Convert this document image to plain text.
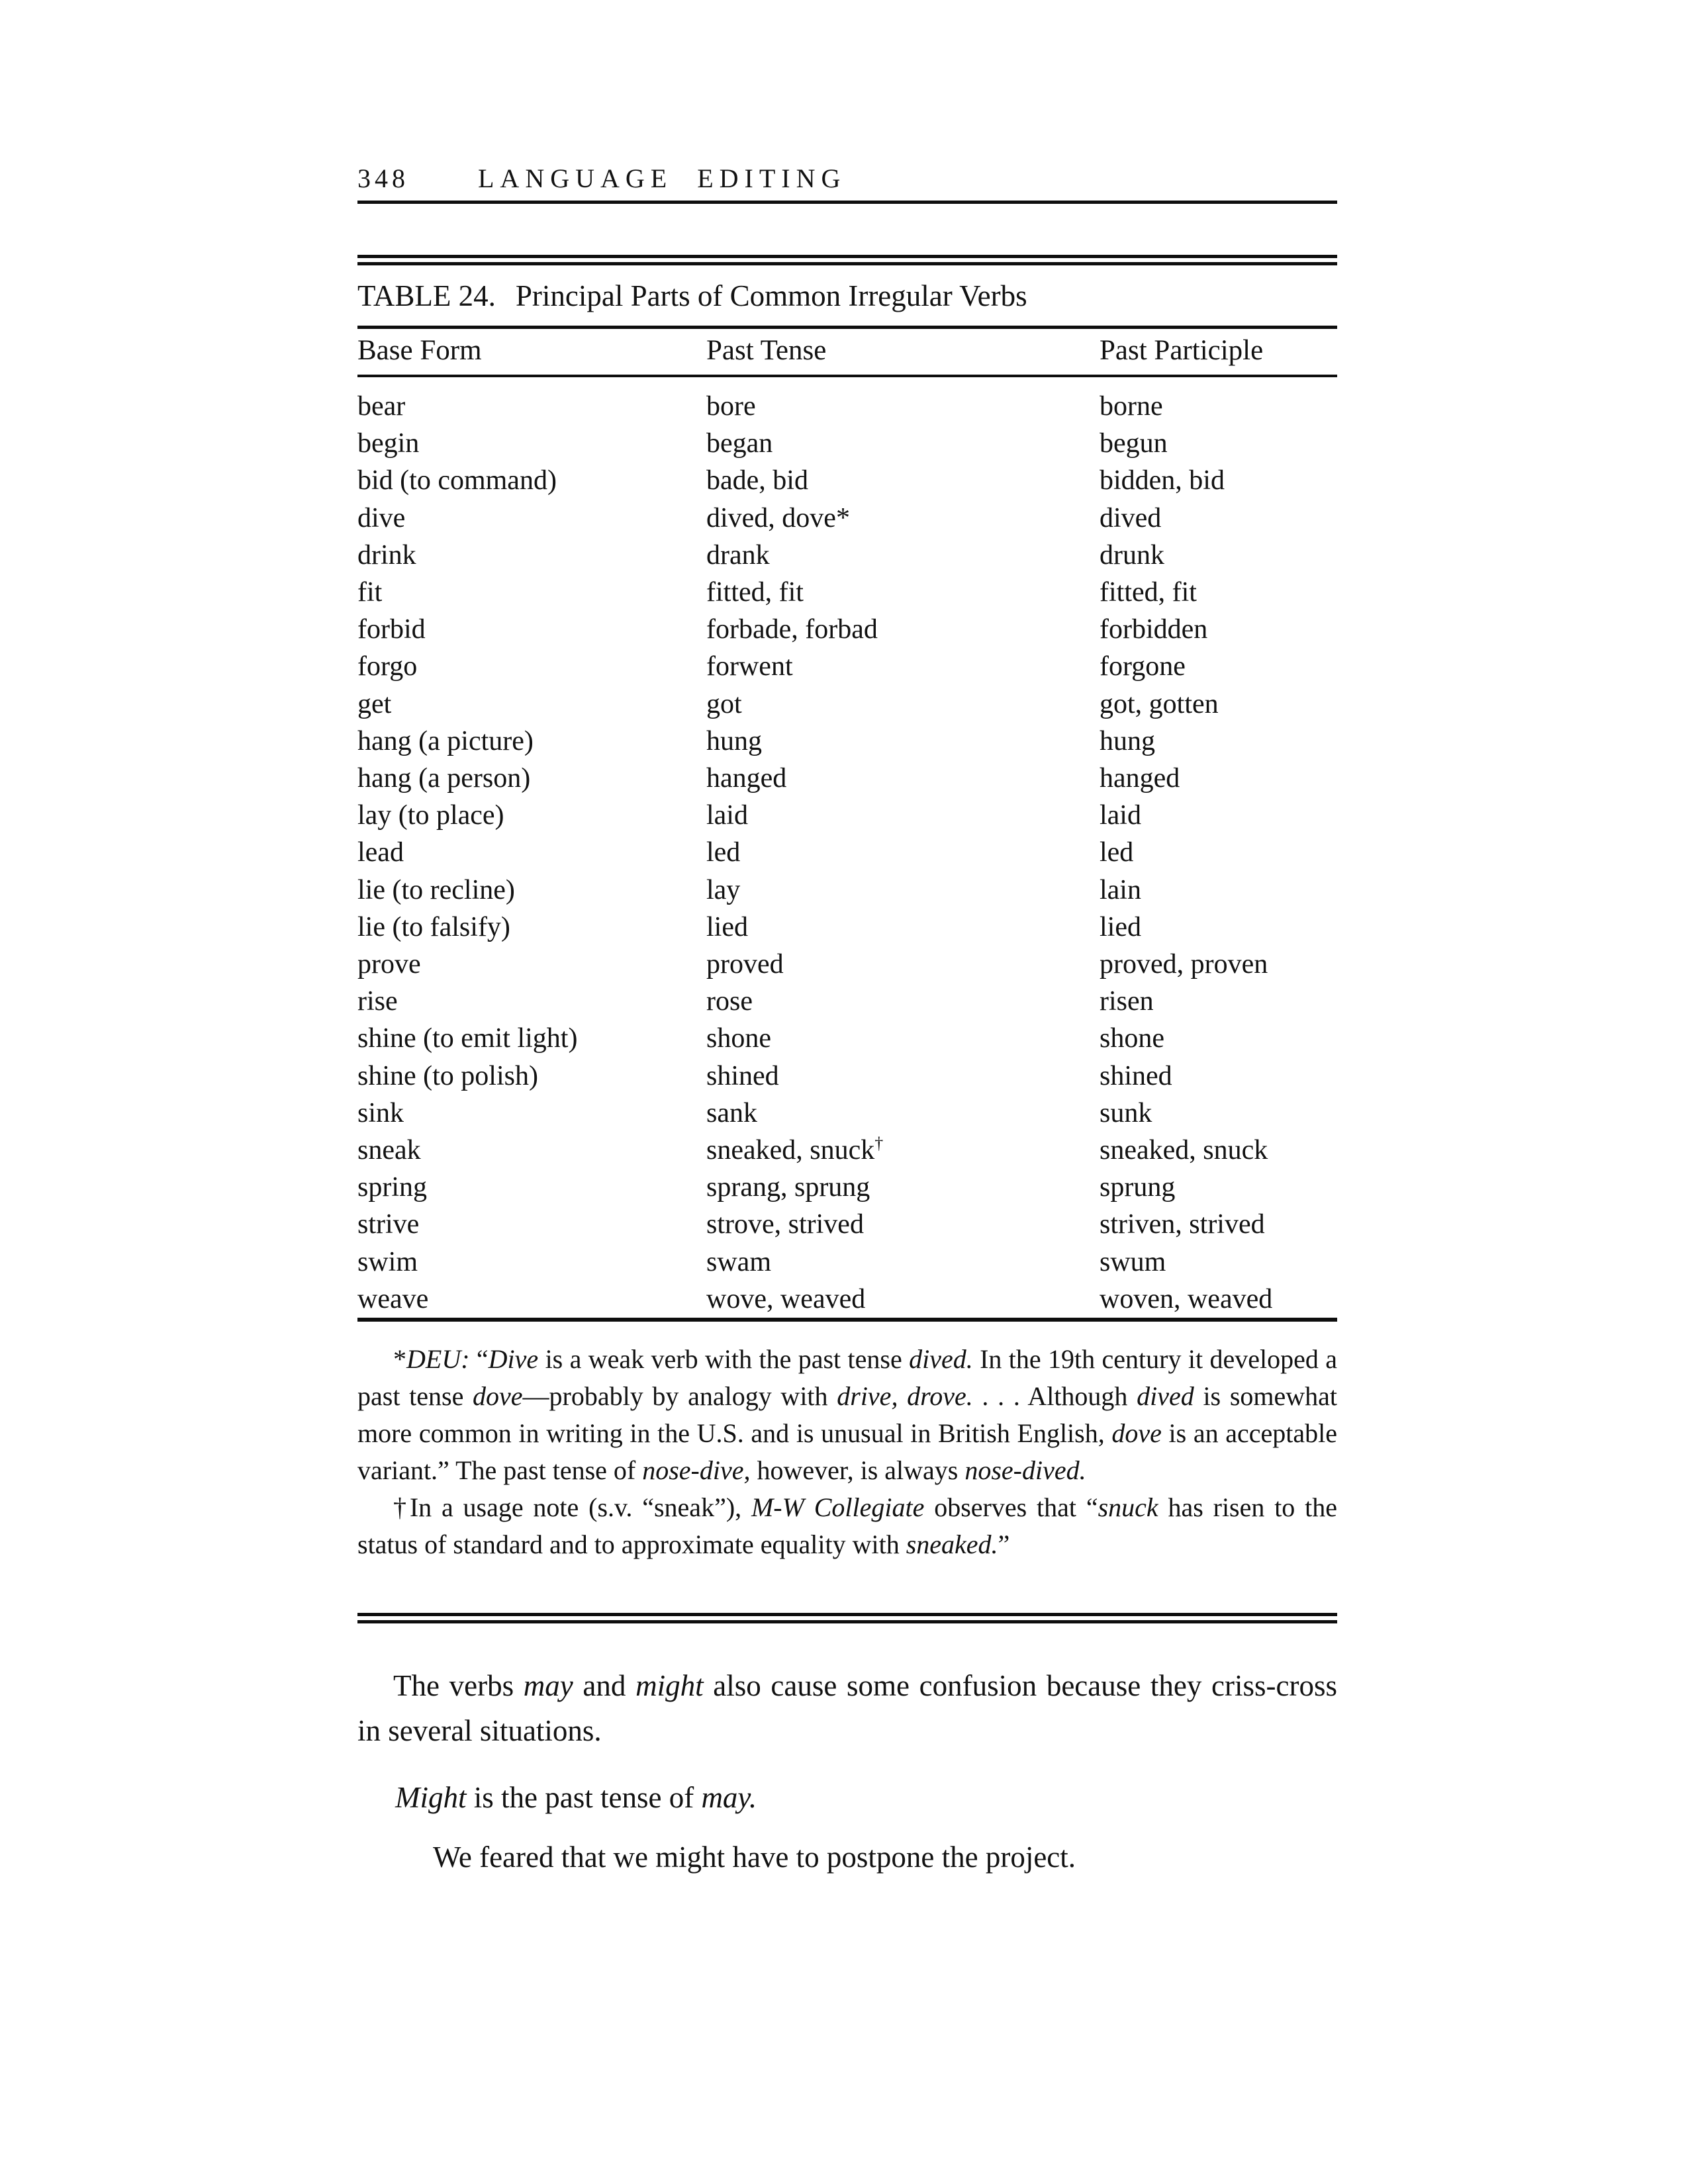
348	LANGUAGE EDITING
TABLE 24. Principal Parts of Common Irregular Verbs
Base Form	Past Tense	Past Participle
bear	bore	borne
begin	began	begun
bid (to command)	bade, bid	bidden, bid
dive	dived, dove*	dived
drink	drank	drunk
fit	fitted, fit	fitted, fit
forbid	forbade, forbad	forbidden
forgo	forwent	forgone
get	got	got, gotten
hang (a picture)	hung	hung
hang (a person)	hanged	hanged
lay (to place)	laid	laid
lead	led	led
lie (to recline)	lay	lain
lie (to falsify)	lied	lied
prove	proved	proved, proven
rise	rose	risen
shine (to emit light)	shone	shone
shine (to polish)	shined	shined
sink	sank	sunk
sneak	sneaked, snuck†	sneaked, snuck
spring	sprang, sprung	sprung
strive	strove, strived	striven, strived
swim	swam	swum
weave	wove, weaved	woven, weaved

*DEU: “Dive is a weak verb with the past tense dived. In the 19th century it developed a past tense dove—probably by analogy with drive, drove. . . . Although dived is somewhat more common in writing in the U.S. and is unusual in British English, dove is an acceptable variant.” The past tense of nose-dive, however, is always nose-dived.

†In a usage note (s.v. “sneak”), M-W Collegiate observes that “snuck has risen to the status of standard and to approximate equality with sneaked.”

The verbs may and might also cause some confusion because they criss-cross in several situations.

Might is the past tense of may.

We feared that we might have to postpone the project.
